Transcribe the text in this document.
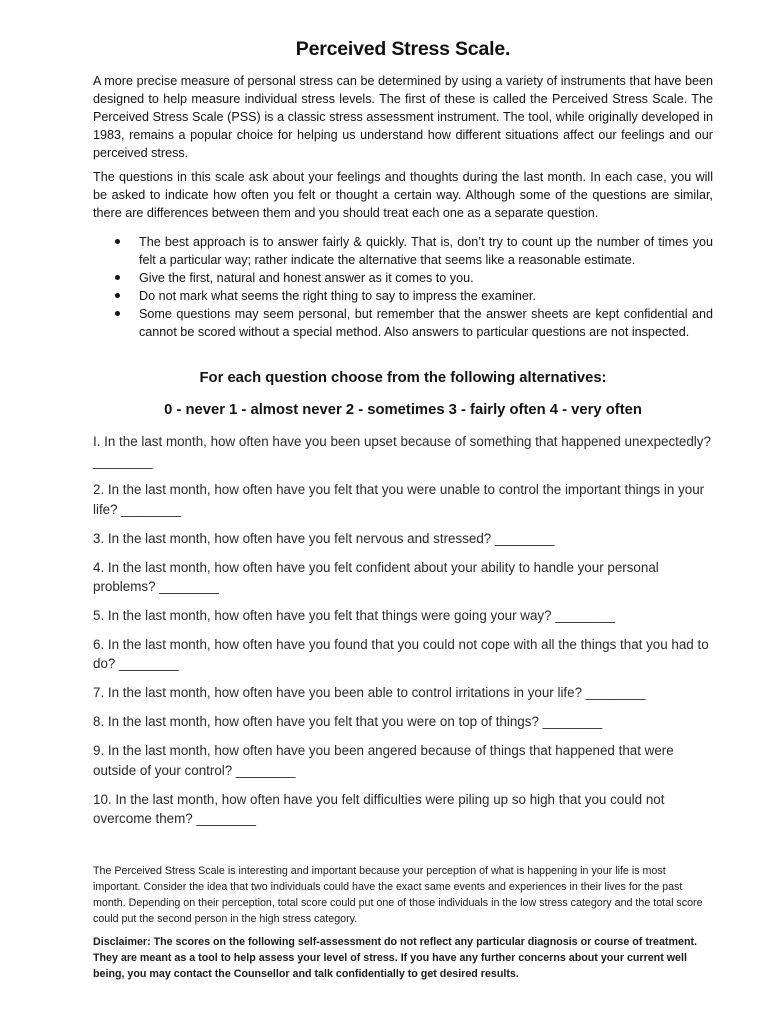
Perceived Stress Scale.

A more precise measure of personal stress can be determined by using a variety of instruments that have been designed to help measure individual stress levels. The first of these is called the Perceived Stress Scale. The Perceived Stress Scale (PSS) is a classic stress assessment instrument. The tool, while originally developed in 1983, remains a popular choice for helping us understand how different situations affect our feelings and our perceived stress.

The questions in this scale ask about your feelings and thoughts during the last month. In each case, you will be asked to indicate how often you felt or thought a certain way. Although some of the questions are similar, there are differences between them and you should treat each one as a separate question.

The best approach is to answer fairly & quickly. That is, don’t try to count up the number of times you felt a particular way; rather indicate the alternative that seems like a reasonable estimate.
Give the first, natural and honest answer as it comes to you.
Do not mark what seems the right thing to say to impress the examiner.
Some questions may seem personal, but remember that the answer sheets are kept confidential and cannot be scored without a special method. Also answers to particular questions are not inspected.
For each question choose from the following alternatives:
0 - never 1 - almost never 2 - sometimes 3 - fairly often 4 - very often

I. In the last month, how often have you been upset because of something that happened unexpectedly? ________

2. In the last month, how often have you felt that you were unable to control the important things in your life? ________

3. In the last month, how often have you felt nervous and stressed? ________

4. In the last month, how often have you felt confident about your ability to handle your personal problems? ________

5. In the last month, how often have you felt that things were going your way? ________

6. In the last month, how often have you found that you could not cope with all the things that you had to do? ________

7. In the last month, how often have you been able to control irritations in your life? ________

8. In the last month, how often have you felt that you were on top of things? ________

9. In the last month, how often have you been angered because of things that happened that were outside of your control? ________

10. In the last month, how often have you felt difficulties were piling up so high that you could not overcome them? ________

The Perceived Stress Scale is interesting and important because your perception of what is happening in your life is most important. Consider the idea that two individuals could have the exact same events and experiences in their lives for the past month. Depending on their perception, total score could put one of those individuals in the low stress category and the total score could put the second person in the high stress category.

Disclaimer: The scores on the following self-assessment do not reflect any particular diagnosis or course of treatment. They are meant as a tool to help assess your level of stress. If you have any further concerns about your current well being, you may contact the Counsellor and talk confidentially to get desired results.
